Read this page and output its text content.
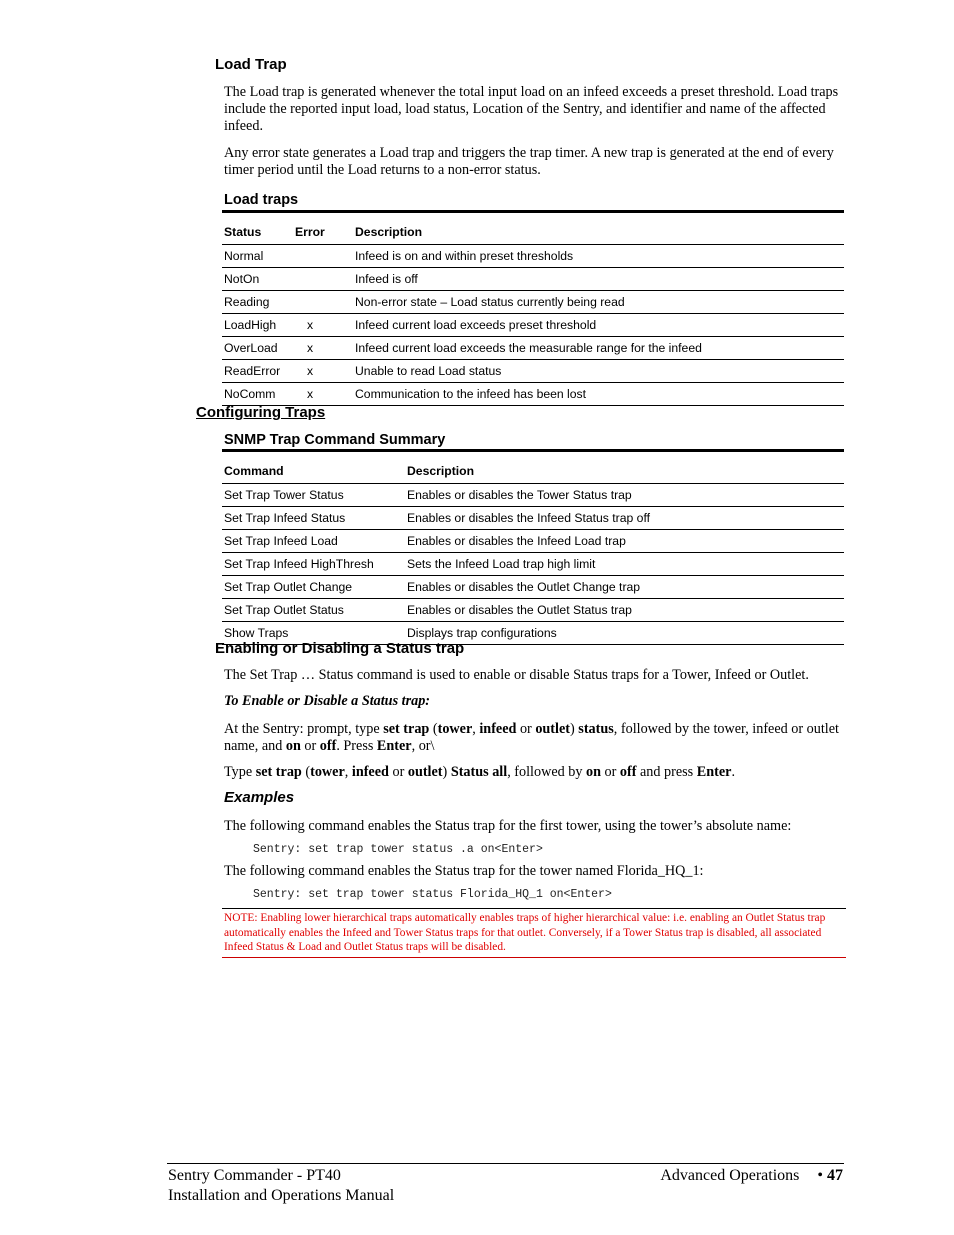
Load Trap

The Load trap is generated whenever the total input load on an infeed exceeds a preset threshold. Load traps include the reported input load, load status, Location of the Sentry, and identifier and name of the affected infeed.

Any error state generates a Load trap and triggers the trap timer. A new trap is generated at the end of every timer period until the Load returns to a non-error status.

Load traps
Status	Error	Description
Normal		Infeed is on and within preset thresholds
NotOn		Infeed is off
Reading		Non-error state – Load status currently being read
LoadHigh	x	Infeed current load exceeds preset threshold
OverLoad	x	Infeed current load exceeds the measurable range for the infeed
ReadError	x	Unable to read Load status
NoComm	x	Communication to the infeed has been lost
Configuring Traps
SNMP Trap Command Summary
Command	Description
Set Trap Tower Status	Enables or disables the Tower Status trap
Set Trap Infeed Status	Enables or disables the Infeed Status trap off
Set Trap Infeed Load	Enables or disables the Infeed Load trap
Set Trap Infeed HighThresh	Sets the Infeed Load trap high limit
Set Trap Outlet Change	Enables or disables the Outlet Change trap
Set Trap Outlet Status	Enables or disables the Outlet Status trap
Show Traps	Displays trap configurations
Enabling or Disabling a Status trap

The Set Trap … Status command is used to enable or disable Status traps for a Tower, Infeed or Outlet.

To Enable or Disable a Status trap:

At the Sentry: prompt, type set trap (tower, infeed or outlet) status, followed by the tower, infeed or outlet name, and on or off. Press Enter, or\

Type set trap (tower, infeed or outlet) Status all, followed by on or off and press Enter.

Examples

The following command enables the Status trap for the first tower, using the tower’s absolute name:

Sentry: set trap tower status .a on<Enter>

The following command enables the Status trap for the tower named Florida_HQ_1:

Sentry: set trap tower status Florida_HQ_1 on<Enter>
NOTE: Enabling lower hierarchical traps automatically enables traps of higher hierarchical value: i.e. enabling an Outlet Status trap automatically enables the Infeed and Tower Status traps for that outlet. Conversely, if a Tower Status trap is disabled, all associated Infeed Status & Load and Outlet Status traps will be disabled.
Sentry Commander - PT40
Installation and Operations Manual
Advanced Operations • 47
